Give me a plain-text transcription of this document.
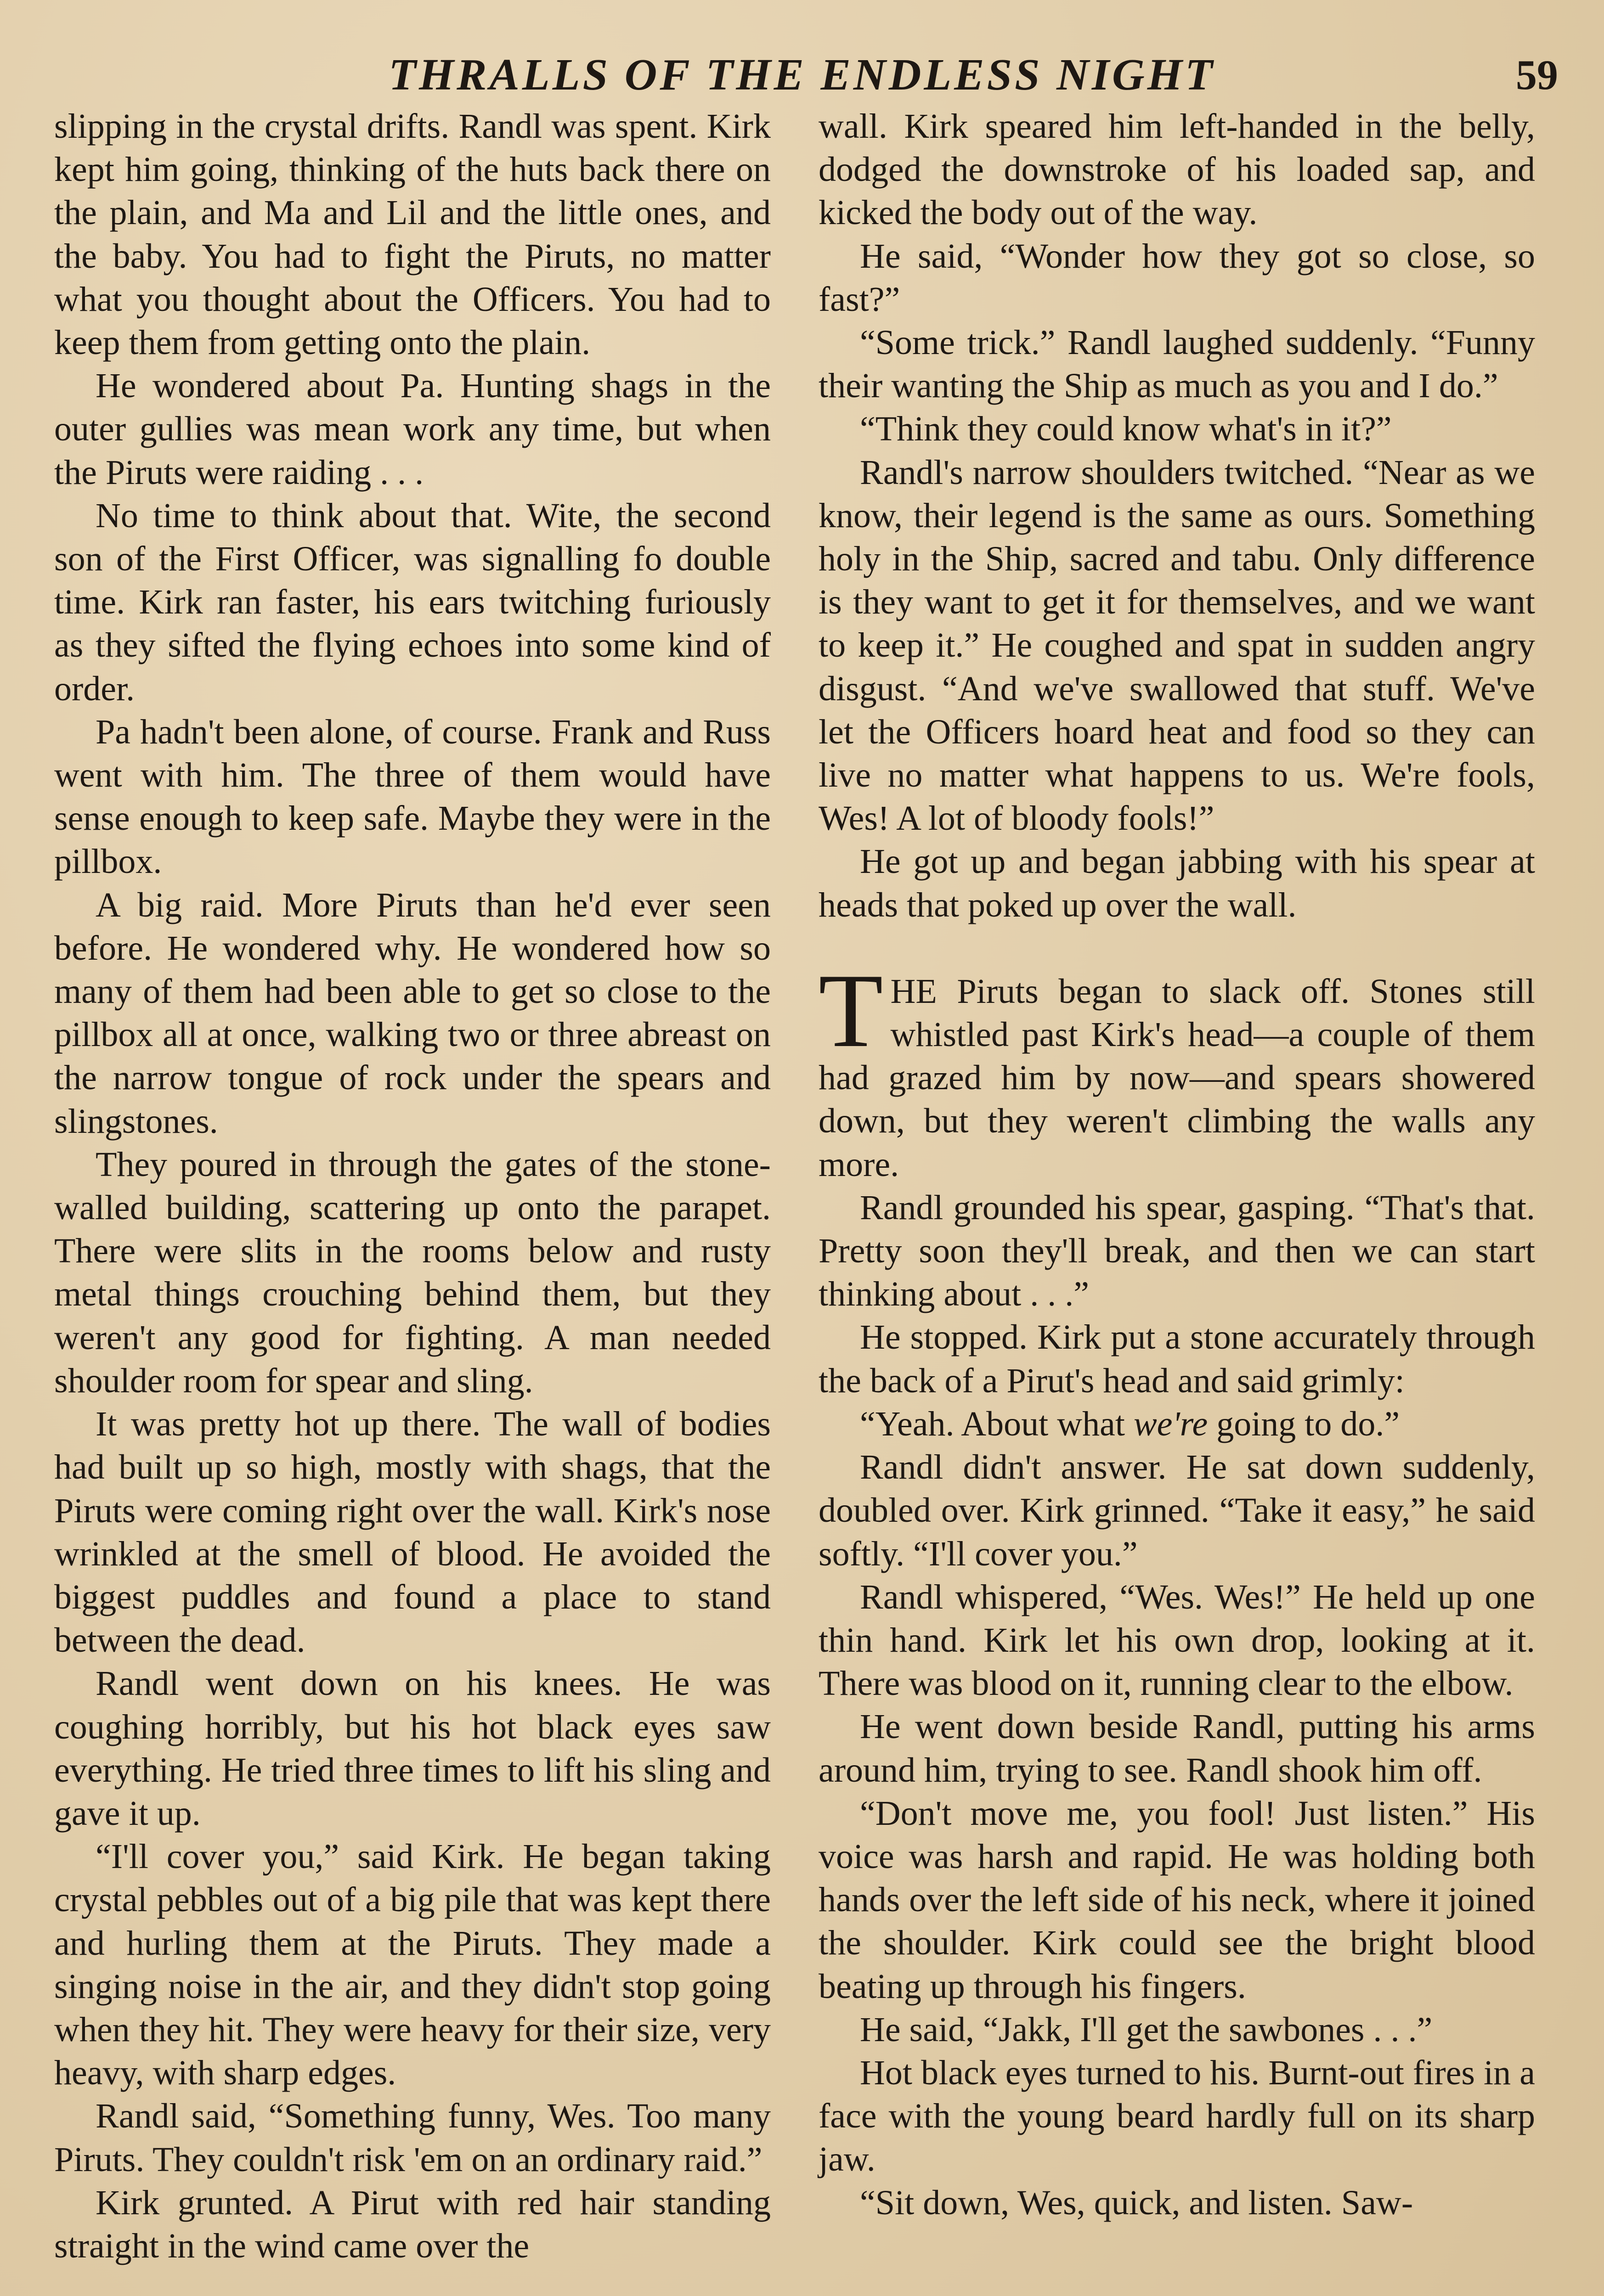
THRALLS OF THE ENDLESS NIGHT	59

slipping in the crystal drifts. Randl was spent. Kirk kept him going, thinking of the huts back there on the plain, and Ma and Lil and the little ones, and the baby. You had to fight the Piruts, no matter what you thought about the Officers. You had to keep them from getting onto the plain.

He wondered about Pa. Hunting shags in the outer gullies was mean work any time, but when the Piruts were raiding . . .

No time to think about that. Wite, the second son of the First Officer, was signalling fo double time. Kirk ran faster, his ears twitching furiously as they sifted the flying echoes into some kind of order.

Pa hadn't been alone, of course. Frank and Russ went with him. The three of them would have sense enough to keep safe. Maybe they were in the pillbox.

A big raid. More Piruts than he'd ever seen before. He wondered why. He wondered how so many of them had been able to get so close to the pillbox all at once, walking two or three abreast on the narrow tongue of rock under the spears and slingstones.

They poured in through the gates of the stone-walled building, scattering up onto the parapet. There were slits in the rooms below and rusty metal things crouching behind them, but they weren't any good for fighting. A man needed shoulder room for spear and sling.

It was pretty hot up there. The wall of bodies had built up so high, mostly with shags, that the Piruts were coming right over the wall. Kirk's nose wrinkled at the smell of blood. He avoided the biggest puddles and found a place to stand between the dead.

Randl went down on his knees. He was coughing horribly, but his hot black eyes saw everything. He tried three times to lift his sling and gave it up.

“I'll cover you,” said Kirk. He began taking crystal pebbles out of a big pile that was kept there and hurling them at the Piruts. They made a singing noise in the air, and they didn't stop going when they hit. They were heavy for their size, very heavy, with sharp edges.

Randl said, “Something funny, Wes. Too many Piruts. They couldn't risk 'em on an ordinary raid.”

Kirk grunted. A Pirut with red hair standing straight in the wind came over the

wall. Kirk speared him left-handed in the belly, dodged the downstroke of his loaded sap, and kicked the body out of the way.

He said, “Wonder how they got so close, so fast?”

“Some trick.” Randl laughed suddenly. “Funny their wanting the Ship as much as you and I do.”

“Think they could know what's in it?”

Randl's narrow shoulders twitched. “Near as we know, their legend is the same as ours. Something holy in the Ship, sacred and tabu. Only difference is they want to get it for themselves, and we want to keep it.” He coughed and spat in sudden angry disgust. “And we've swallowed that stuff. We've let the Officers hoard heat and food so they can live no matter what happens to us. We're fools, Wes! A lot of bloody fools!”

He got up and began jabbing with his spear at heads that poked up over the wall.

THE Piruts began to slack off. Stones still whistled past Kirk's head—a couple of them had grazed him by now—and spears showered down, but they weren't climbing the walls any more.

Randl grounded his spear, gasping. “That's that. Pretty soon they'll break, and then we can start thinking about . . .”

He stopped. Kirk put a stone accurately through the back of a Pirut's head and said grimly:

“Yeah. About what we're going to do.”

Randl didn't answer. He sat down suddenly, doubled over. Kirk grinned. “Take it easy,” he said softly. “I'll cover you.”

Randl whispered, “Wes. Wes!” He held up one thin hand. Kirk let his own drop, looking at it. There was blood on it, running clear to the elbow.

He went down beside Randl, putting his arms around him, trying to see. Randl shook him off.

“Don't move me, you fool! Just listen.” His voice was harsh and rapid. He was holding both hands over the left side of his neck, where it joined the shoulder. Kirk could see the bright blood beating up through his fingers.

He said, “Jakk, I'll get the sawbones . . .”

Hot black eyes turned to his. Burnt-out fires in a face with the young beard hardly full on its sharp jaw.

“Sit down, Wes, quick, and listen. Saw-
